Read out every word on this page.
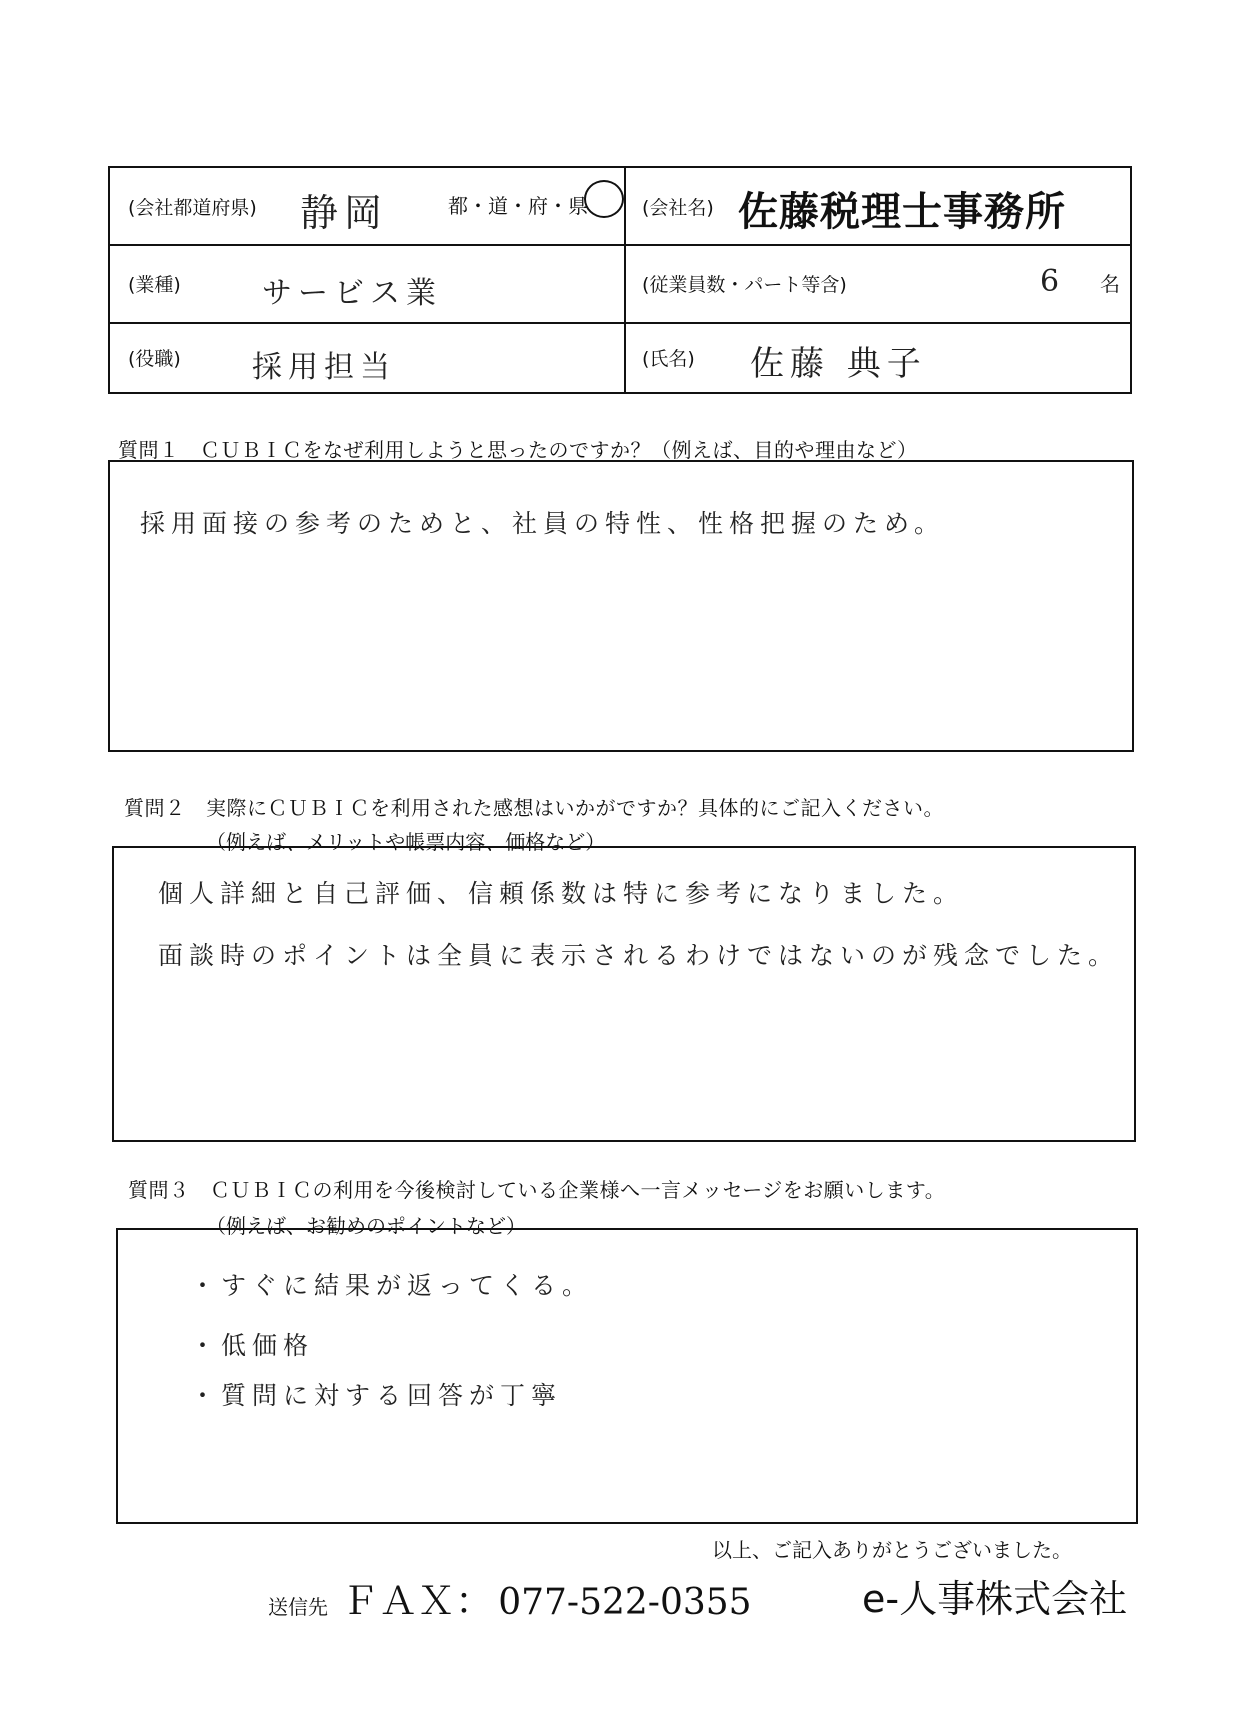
(会社都道府県) 静岡	都・道・府・県	(会社名) 佐藤税理士事務所
(業種)	サービス業	(従業員数・パート等含)	6 名
(役職) 採用担当	(氏名) 佐藤 典子
質問１　ＣＵＢＩＣをなぜ利用しようと思ったのですか？（例えば、目的や理由など）
採用面接の参考のためと、社員の特性、性格把握のため。
質問２　実際にＣＵＢＩＣを利用された感想はいかがですか？具体的にご記入ください。
（例えば、メリットや帳票内容、価格など）
個人詳細と自己評価、信頼係数は特に参考になりました。
面談時のポイントは全員に表示されるわけではないのが残念でした。
質問３　ＣＵＢＩＣの利用を今後検討している企業様へ一言メッセージをお願いします。
（例えば、お勧めのポイントなど）
・すぐに結果が返ってくる。
・低価格
・質問に対する回答が丁寧
以上、ご記入ありがとうございました。
送信先 ＦＡＸ： 077-522-0355	e-人事株式会社
